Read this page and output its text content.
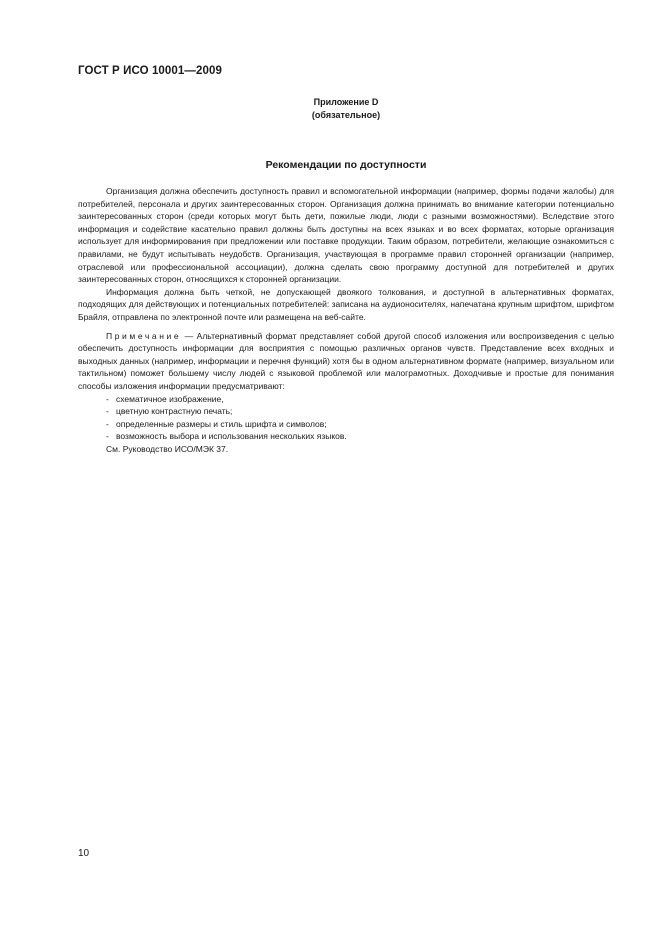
ГОСТ Р ИСО 10001—2009
Приложение D
(обязательное)
Рекомендации по доступности

Организация должна обеспечить доступность правил и вспомогательной информации (например, формы подачи жалобы) для потребителей, персонала и других заинтересованных сторон. Организация должна принимать во внимание категории потенциально заинтересованных сторон (среди которых могут быть дети, пожилые люди, люди с разными возможностями). Вследствие этого информация и содействие касательно правил должны быть доступны на всех языках и во всех форматах, которые организация использует для информирования при предложении или поставке продукции. Таким образом, потребители, желающие ознакомиться с правилами, не будут испытывать неудобств. Организация, участвующая в программе правил сторонней организации (например, отраслевой или профессиональной ассоциации), должна сделать свою программу доступной для потребителей и других заинтересованных сторон, относящихся к сторонней организации.

Информация должна быть четкой, не допускающей двоякого толкования, и доступной в альтернативных форматах, подходящих для действующих и потенциальных потребителей: записана на аудионосителях, напечатана крупным шрифтом, шрифтом Брайля, отправлена по электронной почте или размещена на веб-сайте.

Примечание — Альтернативный формат представляет собой другой способ изложения или воспроизведения с целью обеспечить доступность информации для восприятия с помощью различных органов чувств. Представление всех входных и выходных данных (например, информации и перечня функций) хотя бы в одном альтернативном формате (например, визуальном или тактильном) поможет большему числу людей с языковой проблемой или малограмотных. Доходчивые и простые для понимания способы изложения информации предусматривают:

- схематичное изображение,
- цветную контрастную печать;
- определенные размеры и стиль шрифта и символов;
- возможность выбора и использования нескольких языков.

См. Руководство ИСО/МЭК 37.

10
